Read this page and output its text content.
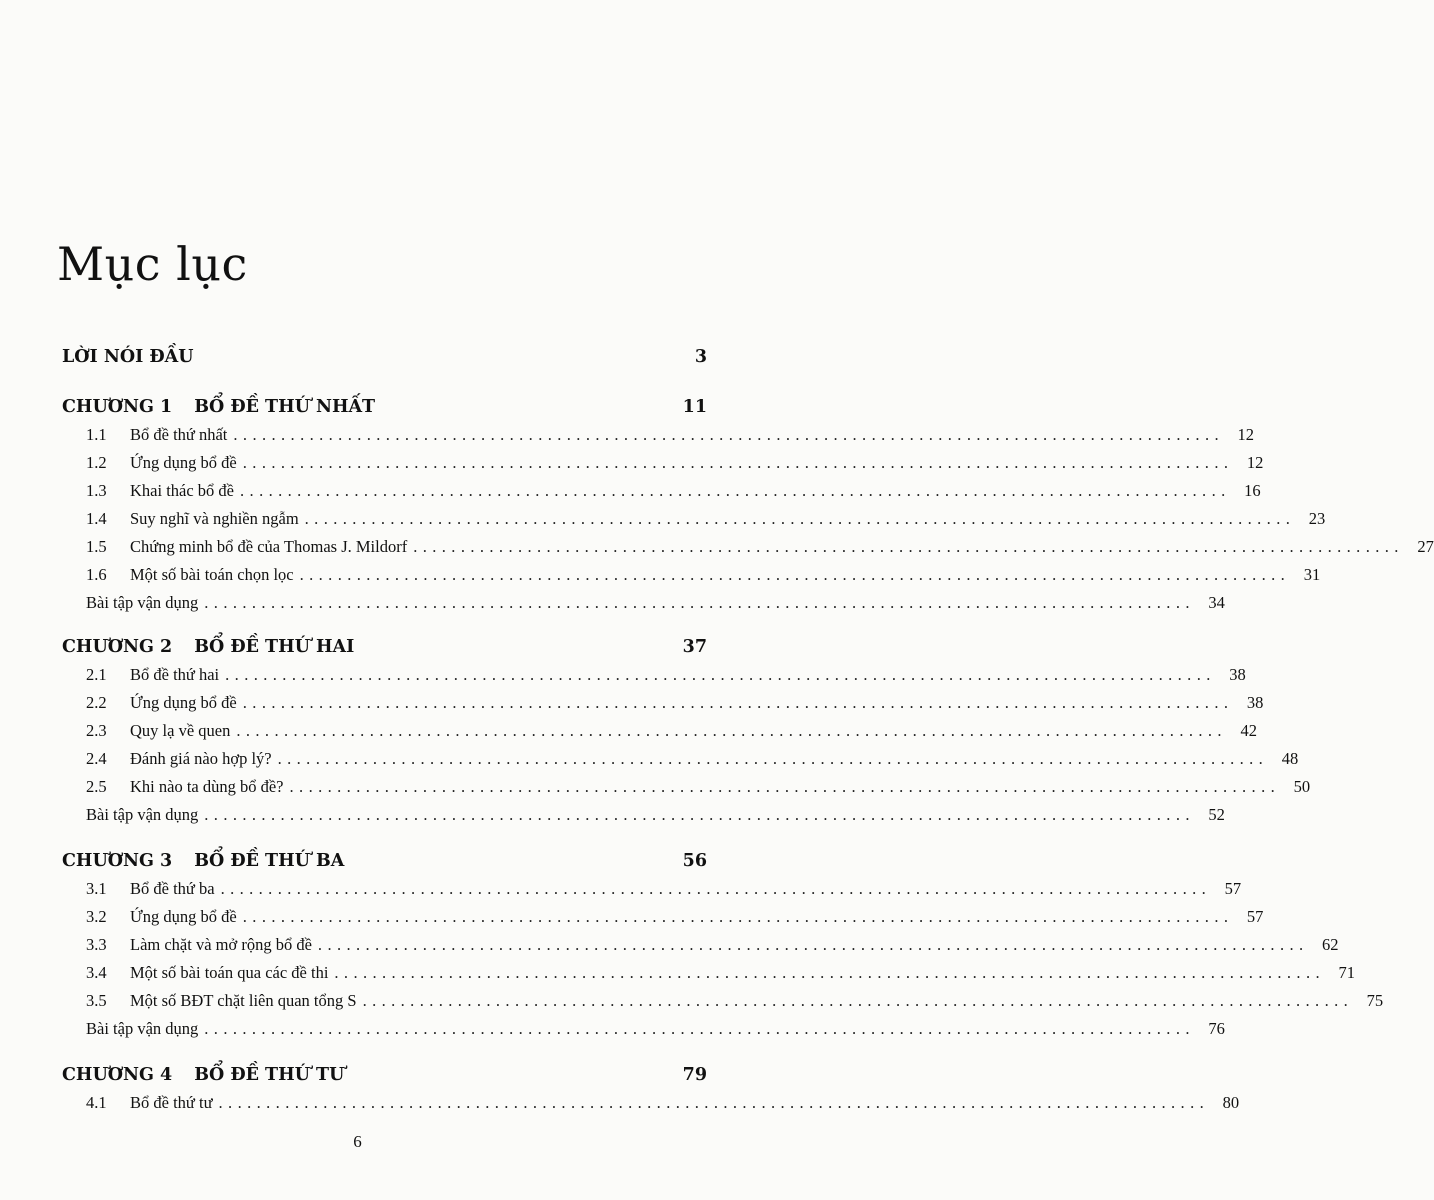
Mục lục
LỜI NÓI ĐẦU	3
CHƯƠNG 1 BỔ ĐỀ THỨ NHẤT	11
1.1	Bổ đề thứ nhất ........................................................................................................ 12
1.2	Ứng dụng bổ đề ........................................................................................................ 12
1.3	Khai thác bổ đề ........................................................................................................ 16
1.4	Suy nghĩ và nghiền ngẫm ........................................................................................................ 23
1.5	Chứng minh bổ đề của Thomas J. Mildorf ........................................................................................................ 27
1.6	Một số bài toán chọn lọc ........................................................................................................ 31
Bài tập vận dụng ........................................................................................................ 34
CHƯƠNG 2 BỔ ĐỀ THỨ HAI	37
2.1	Bổ đề thứ hai ........................................................................................................ 38
2.2	Ứng dụng bổ đề ........................................................................................................ 38
2.3	Quy lạ về quen ........................................................................................................ 42
2.4	Đánh giá nào hợp lý? ........................................................................................................ 48
2.5	Khi nào ta dùng bổ đề? ........................................................................................................ 50
Bài tập vận dụng ........................................................................................................ 52
CHƯƠNG 3 BỔ ĐỀ THỨ BA	56
3.1	Bổ đề thứ ba ........................................................................................................ 57
3.2	Ứng dụng bổ đề ........................................................................................................ 57
3.3	Làm chặt và mở rộng bổ đề ........................................................................................................ 62
3.4	Một số bài toán qua các đề thi ........................................................................................................ 71
3.5	Một số BĐT chặt liên quan tổng S ........................................................................................................ 75
Bài tập vận dụng ........................................................................................................ 76
CHƯƠNG 4 BỔ ĐỀ THỨ TƯ	79
4.1	Bổ đề thứ tư ........................................................................................................ 80
6
